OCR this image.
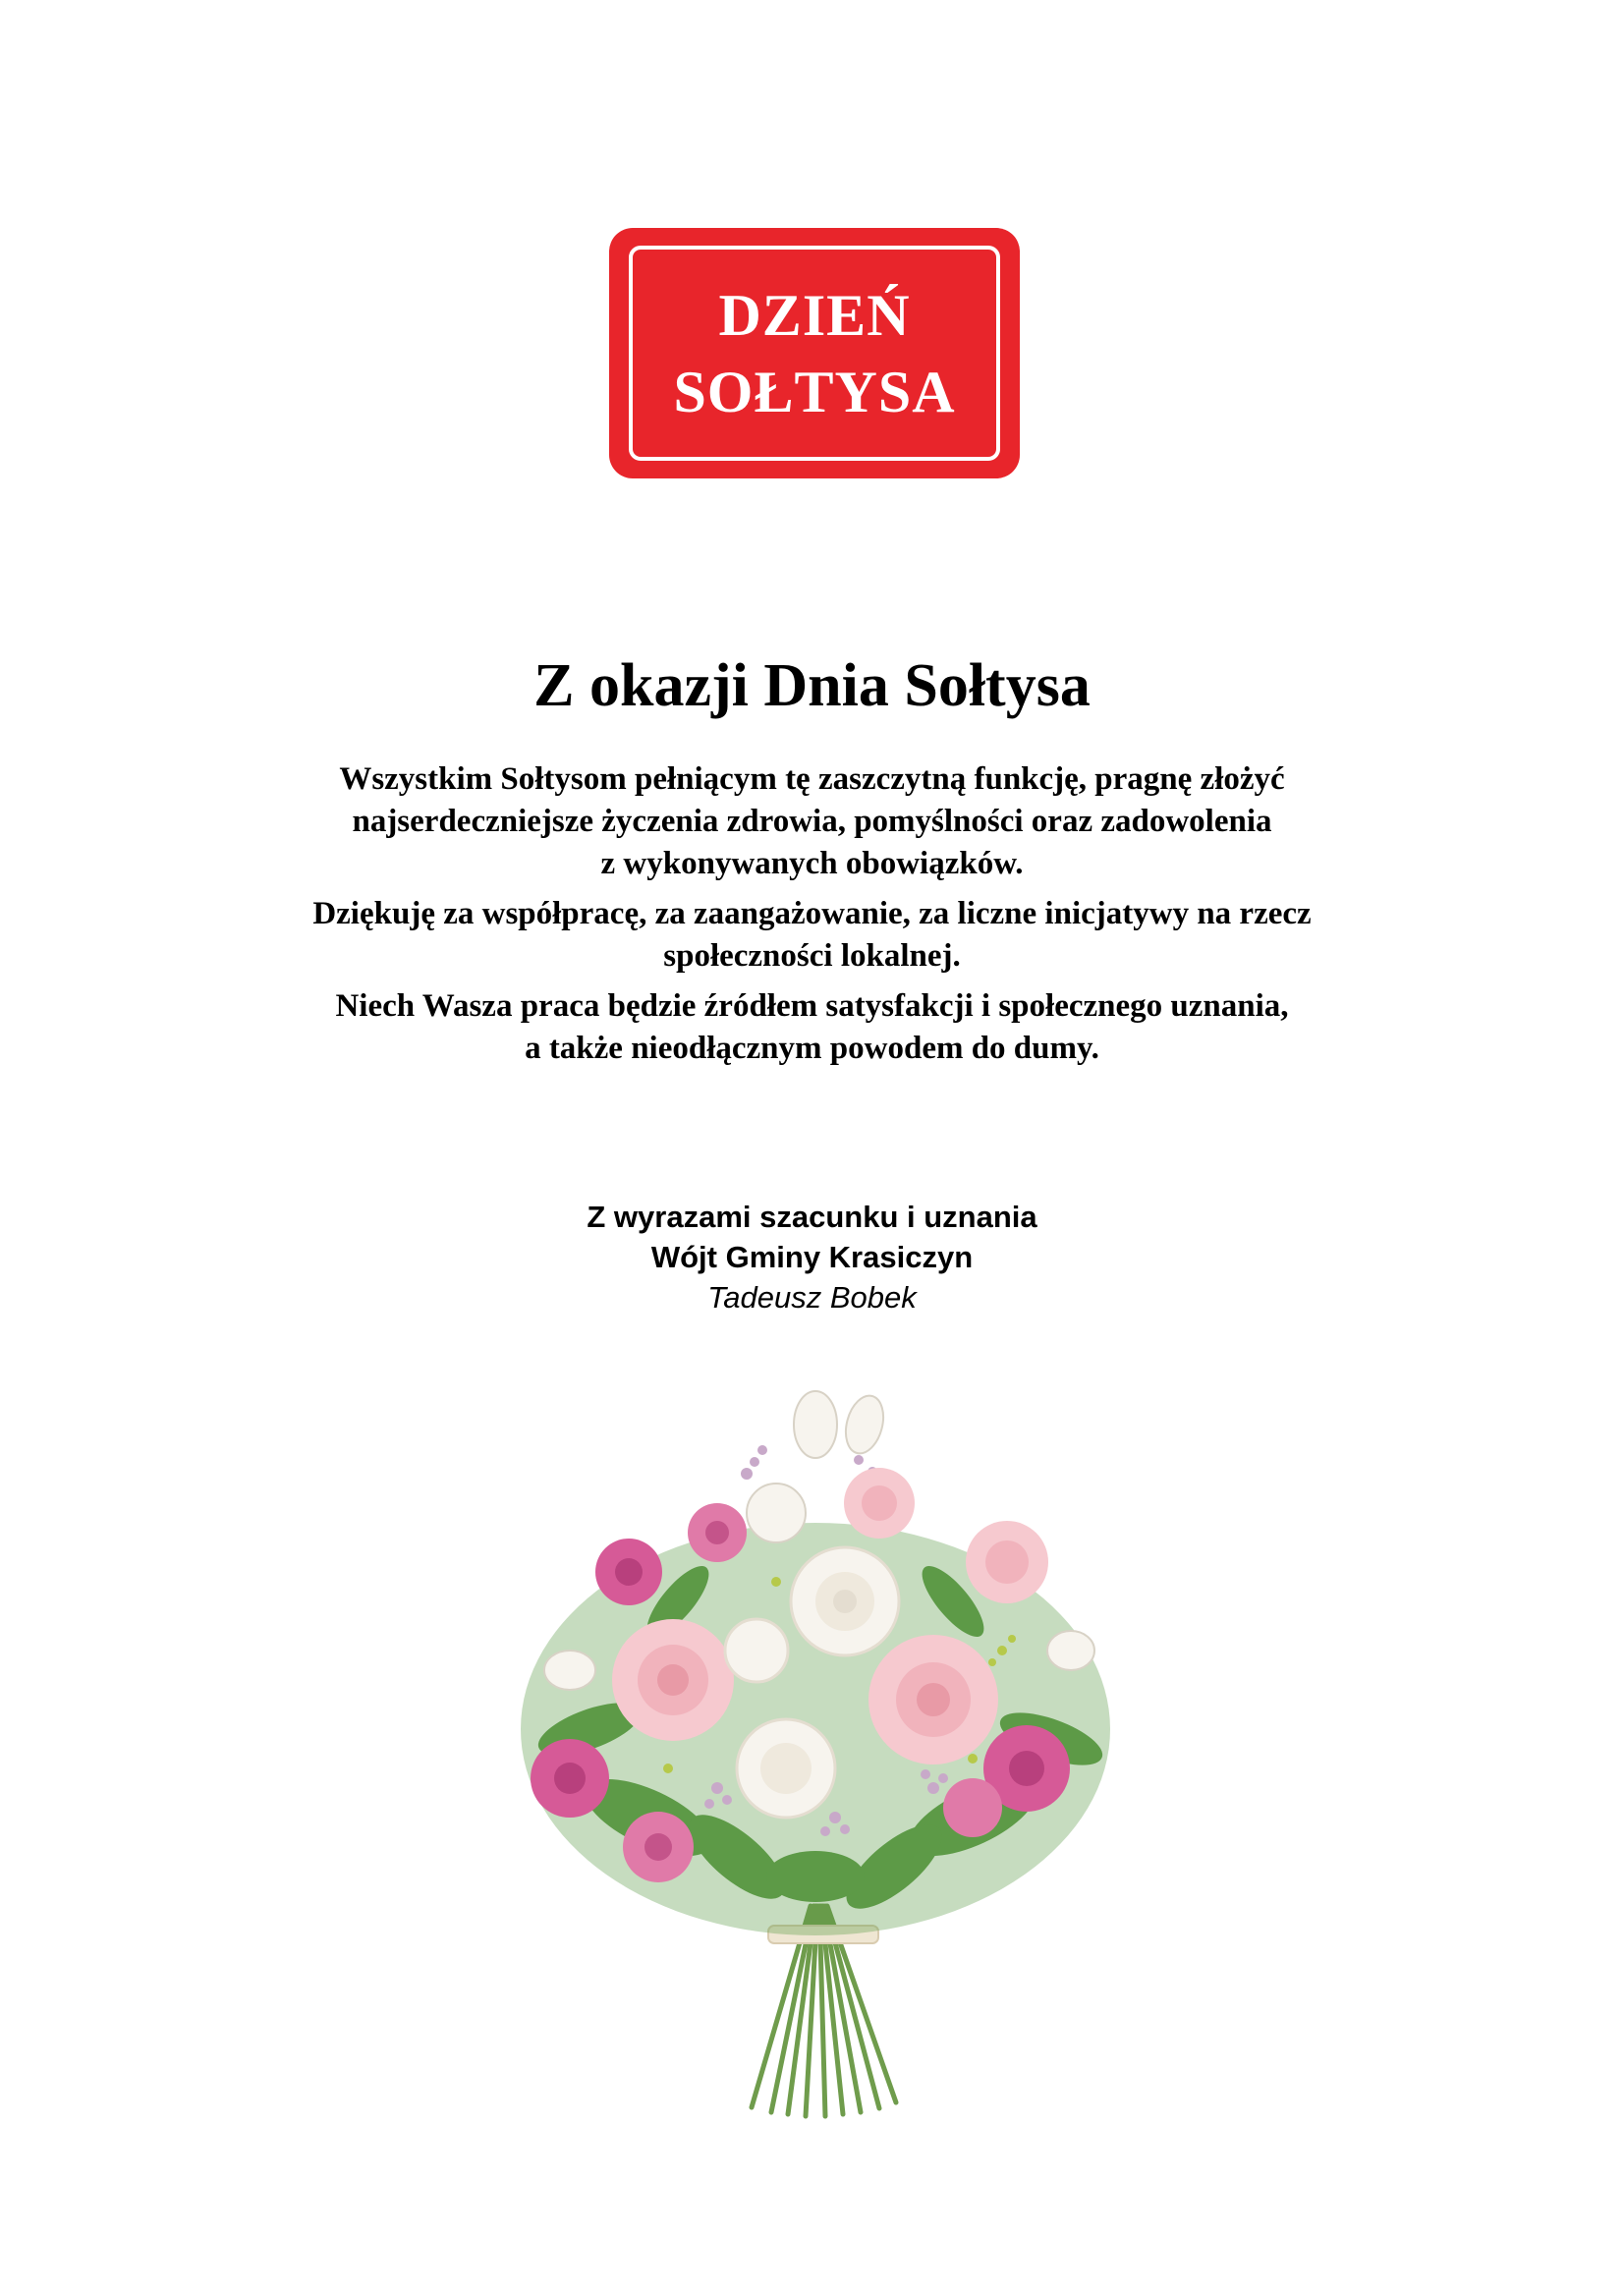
DZIEŃ
SOŁTYSA
Z okazji Dnia Sołtysa

Wszystkim Sołtysom pełniącym tę zaszczytną funkcję, pragnę złożyć
najserdeczniejsze życzenia zdrowia, pomyślności oraz zadowolenia
z wykonywanych obowiązków.

Dziękuję za współpracę, za zaangażowanie, za liczne inicjatywy na rzecz
społeczności lokalnej.

Niech Wasza praca będzie źródłem satysfakcji i społecznego uznania,
a także nieodłącznym powodem do dumy.

Z wyrazami szacunku i uznania
Wójt Gminy Krasiczyn
Tadeusz Bobek
